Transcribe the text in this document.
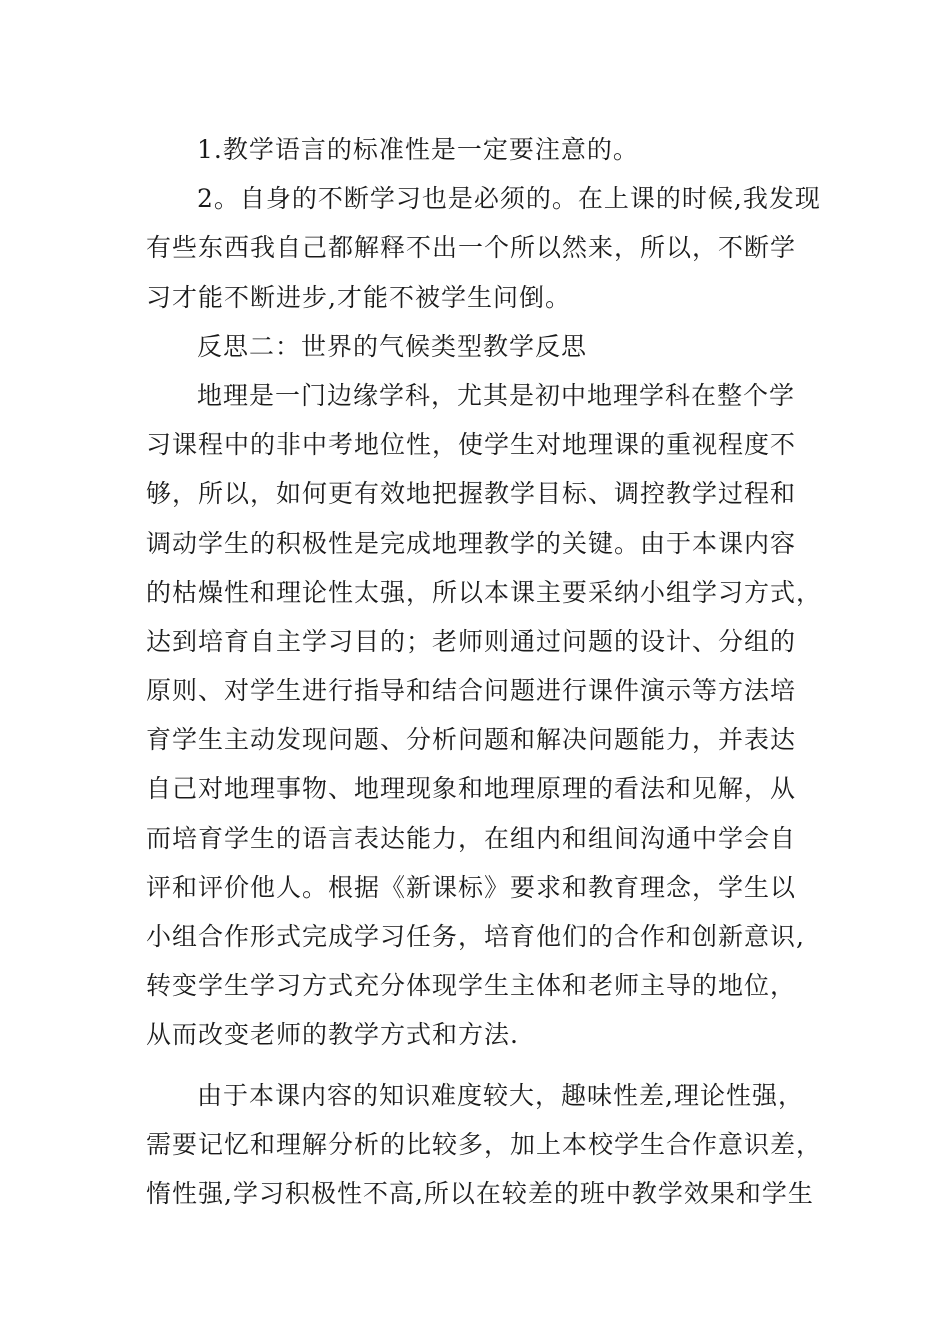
1.教学语言的标准性是一定要注意的。
2。自身的不断学习也是必须的。在上课的时候,我发现
有些东西我自己都解释不出一个所以然来，所以，不断学
习才能不断进步,才能不被学生问倒。
反思二：世界的气候类型教学反思
地理是一门边缘学科，尤其是初中地理学科在整个学
习课程中的非中考地位性，使学生对地理课的重视程度不
够，所以，如何更有效地把握教学目标、调控教学过程和
调动学生的积极性是完成地理教学的关键。由于本课内容
的枯燥性和理论性太强，所以本课主要采纳小组学习方式，
达到培育自主学习目的；老师则通过问题的设计、分组的
原则、对学生进行指导和结合问题进行课件演示等方法培
育学生主动发现问题、分析问题和解决问题能力，并表达
自己对地理事物、地理现象和地理原理的看法和见解，从
而培育学生的语言表达能力，在组内和组间沟通中学会自
评和评价他人。根据《新课标》要求和教育理念，学生以
小组合作形式完成学习任务，培育他们的合作和创新意识,
转变学生学习方式充分体现学生主体和老师主导的地位，
从而改变老师的教学方式和方法.
由于本课内容的知识难度较大，趣味性差,理论性强，
需要记忆和理解分析的比较多，加上本校学生合作意识差，
惰性强,学习积极性不高,所以在较差的班中教学效果和学生
